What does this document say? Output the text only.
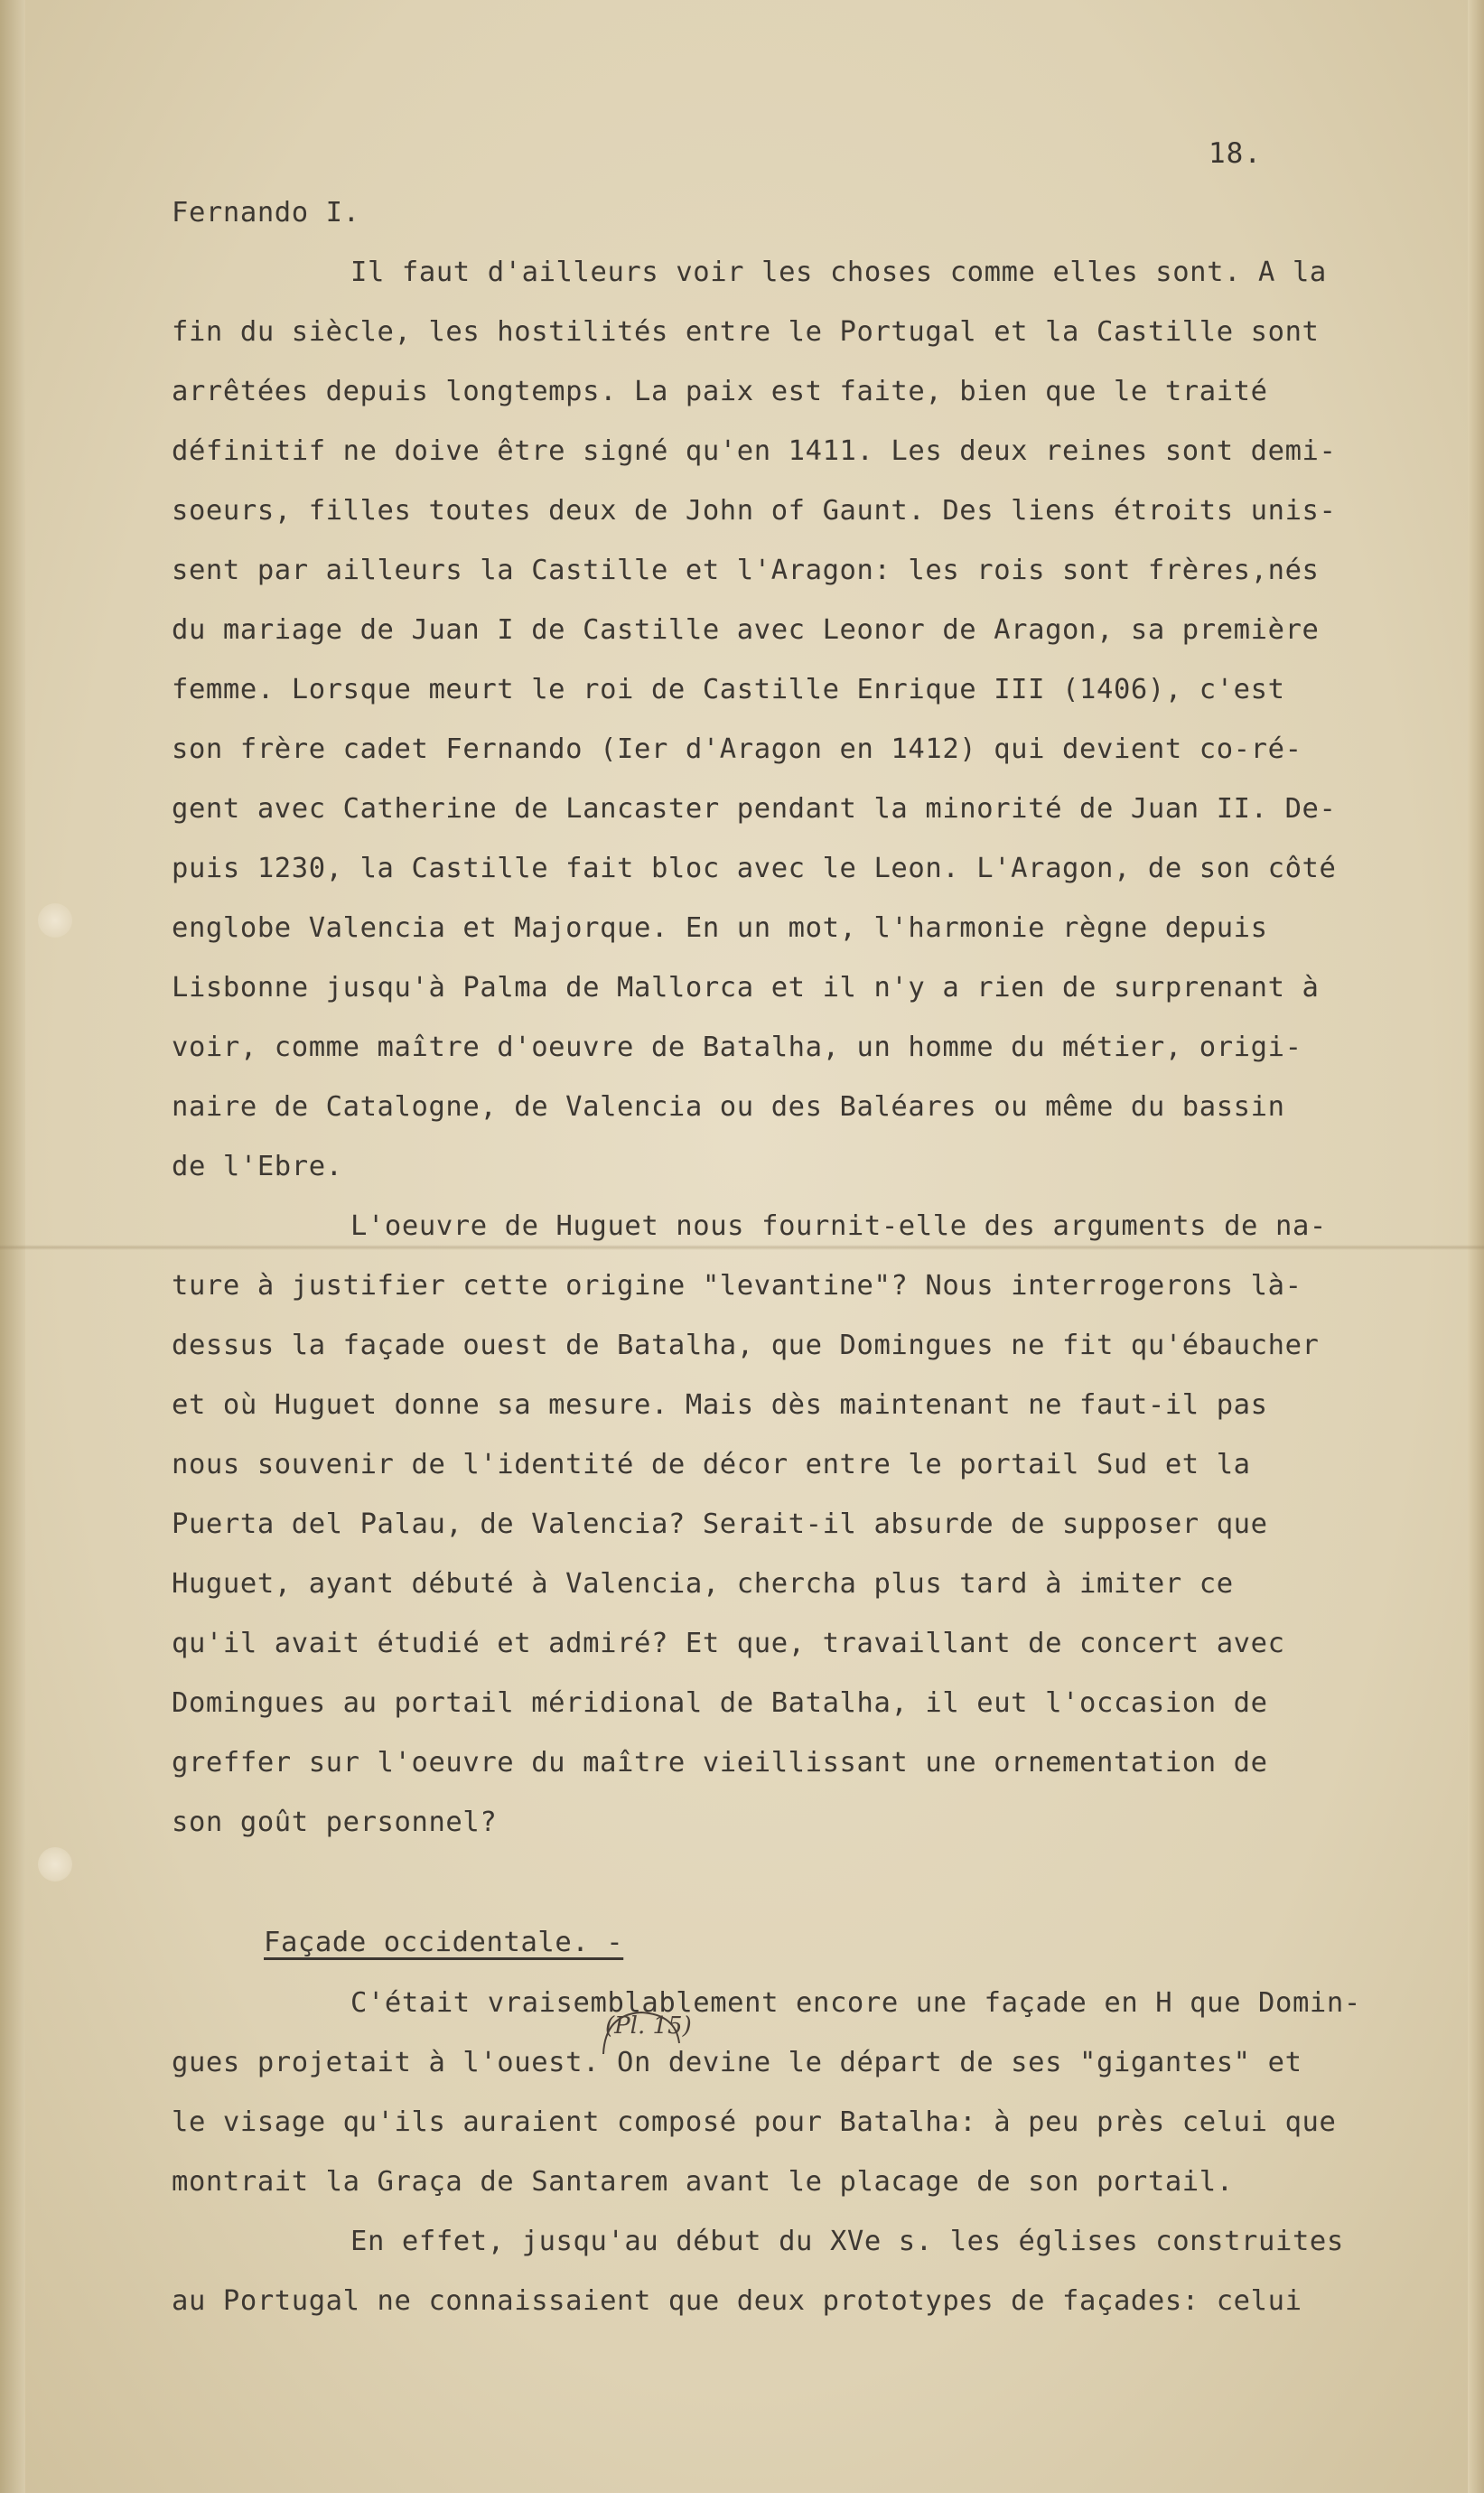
18.

Fernando I.

Il faut d'ailleurs voir les choses comme elles sont. A la

fin du siècle, les hostilités entre le Portugal et la Castille sont

arrêtées depuis longtemps. La paix est faite, bien que le traité

définitif ne doive être signé qu'en 1411. Les deux reines sont demi-

soeurs, filles toutes deux de John of Gaunt. Des liens étroits unis-

sent par ailleurs la Castille et l'Aragon: les rois sont frères,nés

du mariage de Juan I de Castille avec Leonor de Aragon, sa première

femme. Lorsque meurt le roi de Castille Enrique III (1406), c'est

son frère cadet Fernando (Ier d'Aragon en 1412) qui devient co-ré-

gent avec Catherine de Lancaster pendant la minorité de Juan II. De-

puis 1230, la Castille fait bloc avec le Leon. L'Aragon, de son côté

englobe Valencia et Majorque. En un mot, l'harmonie règne depuis

Lisbonne jusqu'à Palma de Mallorca et il n'y a rien de surprenant à

voir, comme maître d'oeuvre de Batalha, un homme du métier, origi-

naire de Catalogne, de Valencia ou des Baléares ou même du bassin

de l'Ebre.

L'oeuvre de Huguet nous fournit-elle des arguments de na-

ture à justifier cette origine "levantine"? Nous interrogerons là-

dessus la façade ouest de Batalha, que Domingues ne fit qu'ébaucher

et où Huguet donne sa mesure. Mais dès maintenant ne faut-il pas

nous souvenir de l'identité de décor entre le portail Sud et la

Puerta del Palau, de Valencia? Serait-il absurde de supposer que

Huguet, ayant débuté à Valencia, chercha plus tard à imiter ce

qu'il avait étudié et admiré? Et que, travaillant de concert avec

Domingues au portail méridional de Batalha, il eut l'occasion de

greffer sur l'oeuvre du maître vieillissant une ornementation de

son goût personnel?

Façade occidentale. -
(Pl. 15)

C'était vraisemblablement encore une façade en H que Domin-

gues projetait à l'ouest. On devine le départ de ses "gigantes" et

le visage qu'ils auraient composé pour Batalha: à peu près celui que

montrait la Graça de Santarem avant le placage de son portail.

En effet, jusqu'au début du XVe s. les églises construites

au Portugal ne connaissaient que deux prototypes de façades: celui
